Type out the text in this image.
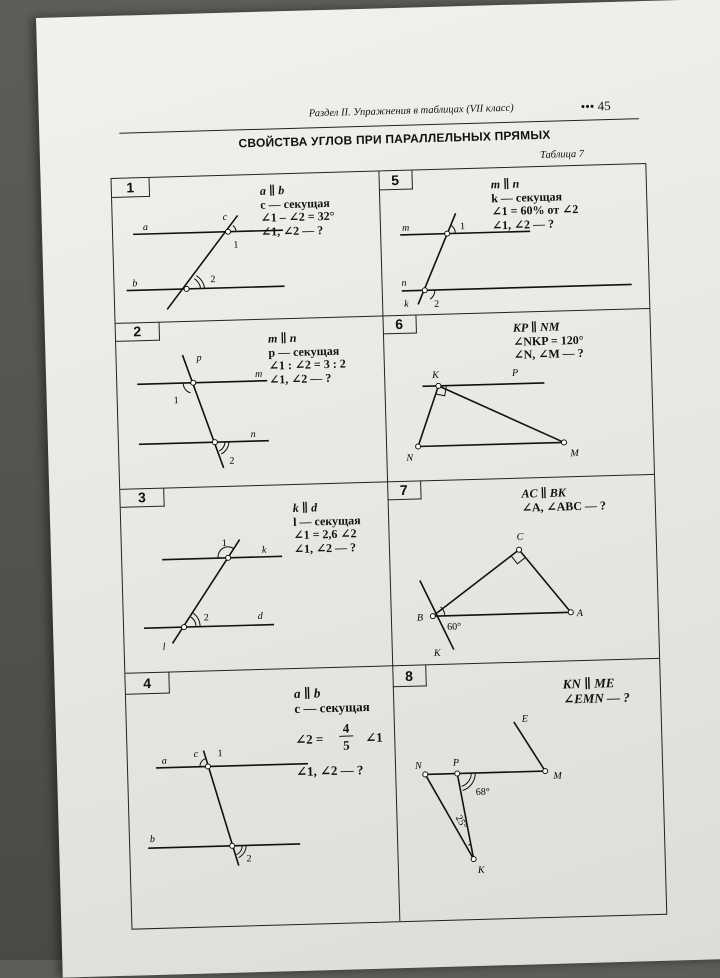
Раздел II. Упражнения в таблицах (VII класс)	••• 45
СВОЙСТВА УГЛОВ ПРИ ПАРАЛЛЕЛЬНЫХ ПРЯМЫХ
Таблица 7
1
a
b
c
1
2
a ∥ b
c — секущая
∠1 – ∠2 = 32°
∠1, ∠2 — ?
5
m
n
k
1
2
m ∥ n
k — секущая
∠1 = 60% от ∠2
∠1, ∠2 — ?
2
p
m
n
1
2
m ∥ n
p — секущая
∠1 : ∠2 = 3 : 2
∠1, ∠2 — ?
6
K	P
N	M
KP ∥ NM
∠NKP = 120°
∠N, ∠M — ?
3
k
d
l
1
2
k ∥ d
l — секущая
∠1 = 2,6 ∠2
∠1, ∠2 — ?
7
C
B	A
K
60°
AC ∥ BK
∠A, ∠ABC — ?
4
a
b
c 1
2
a ∥ b
c — секущая
∠2 =
4
5
∠1
∠1, ∠2 — ?
8
E
N	P
M
K
68°
25°
KN ∥ ME
∠EMN — ?
